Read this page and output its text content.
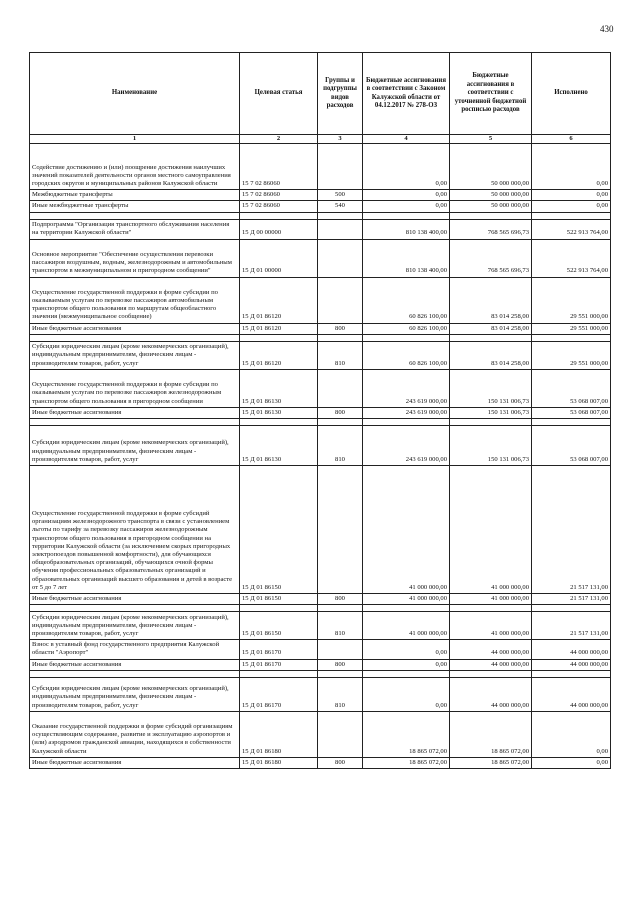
430
Наименование	Целевая статья	Группы и подгруппы видов расходов	Бюджетные ассигнования в соответствии с Законом Калужской области от 04.12.2017 № 278-ОЗ	Бюджетные ассигнования в соответствии с уточненной бюджетной росписью расходов	Исполнено
1	2	3	4	5	6
Содействие достижению и (или) поощрение достижения наилучших значений показателей деятельности органов местного самоуправления городских округов и муниципальных районов Калужской области	15 7 02 86060		0,00	50 000 000,00	0,00
Межбюджетные трансферты	15 7 02 86060	500	0,00	50 000 000,00	0,00
Иные межбюджетные трансферты	15 7 02 86060	540	0,00	50 000 000,00	0,00

Подпрограмма "Организация транспортного обслуживания населения на территории Калужской области"	15 Д 00 00000		810 138 400,00	768 565 696,73	522 913 764,00
Основное мероприятие "Обеспечение осуществления перевозки пассажиров воздушным, водным, железнодорожным и автомобильным транспортом в межмуниципальном и пригородном сообщении"	15 Д 01 00000		810 138 400,00	768 565 696,73	522 913 764,00
Осуществление государственной поддержки в форме субсидии по оказываемым услугам по перевозке пассажиров автомобильным транспортом общего пользования по маршрутам общеобластного значения (межмуниципальное сообщение)	15 Д 01 86120		60 826 100,00	83 014 258,00	29 551 000,00
Иные бюджетные ассигнования	15 Д 01 86120	800	60 826 100,00	83 014 258,00	29 551 000,00

Субсидии юридическим лицам (кроме некоммерческих организаций), индивидуальным предпринимателям, физическим лицам - производителям товаров, работ, услуг	15 Д 01 86120	810	60 826 100,00	83 014 258,00	29 551 000,00
Осуществление государственной поддержки в форме субсидии по оказываемым услугам по перевозке пассажиров железнодорожным транспортом общего пользования в пригородном сообщении	15 Д 01 86130		243 619 000,00	150 131 006,73	53 068 007,00
Иные бюджетные ассигнования	15 Д 01 86130	800	243 619 000,00	150 131 006,73	53 068 007,00

Субсидии юридическим лицам (кроме некоммерческих организаций), индивидуальным предпринимателям, физическим лицам - производителям товаров, работ, услуг	15 Д 01 86130	810	243 619 000,00	150 131 006,73	53 068 007,00
Осуществление государственной поддержки в форме субсидий организациям железнодорожного транспорта в связи с установлением льготы по тарифу за перевозку пассажиров железнодорожным транспортом общего пользования в пригородном сообщении на территории Калужской области (за исключением скорых пригородных электропоездов повышенной комфортности), для обучающихся общеобразовательных организаций, обучающихся очной формы обучения профессиональных образовательных организаций и образовательных организаций высшего образования и детей в возрасте от 5 до 7 лет	15 Д 01 86150		41 000 000,00	41 000 000,00	21 517 131,00
Иные бюджетные ассигнования	15 Д 01 86150	800	41 000 000,00	41 000 000,00	21 517 131,00

Субсидии юридическим лицам (кроме некоммерческих организаций), индивидуальным предпринимателям, физическим лицам - производителям товаров, работ, услуг	15 Д 01 86150	810	41 000 000,00	41 000 000,00	21 517 131,00
Взнос в уставный фонд государственного предприятия Калужской области "Аэропорт"	15 Д 01 86170		0,00	44 000 000,00	44 000 000,00
Иные бюджетные ассигнования	15 Д 01 86170	800	0,00	44 000 000,00	44 000 000,00

Субсидии юридическим лицам (кроме некоммерческих организаций), индивидуальным предпринимателям, физическим лицам - производителям товаров, работ, услуг	15 Д 01 86170	810	0,00	44 000 000,00	44 000 000,00
Оказание государственной поддержки в форме субсидий организациям осуществляющим содержание, развитие и эксплуатацию аэропортов и (или) аэродромов гражданской авиации, находящихся в собственности Калужской области	15 Д 01 86180		18 865 072,00	18 865 072,00	0,00
Иные бюджетные ассигнования	15 Д 01 86180	800	18 865 072,00	18 865 072,00	0,00
